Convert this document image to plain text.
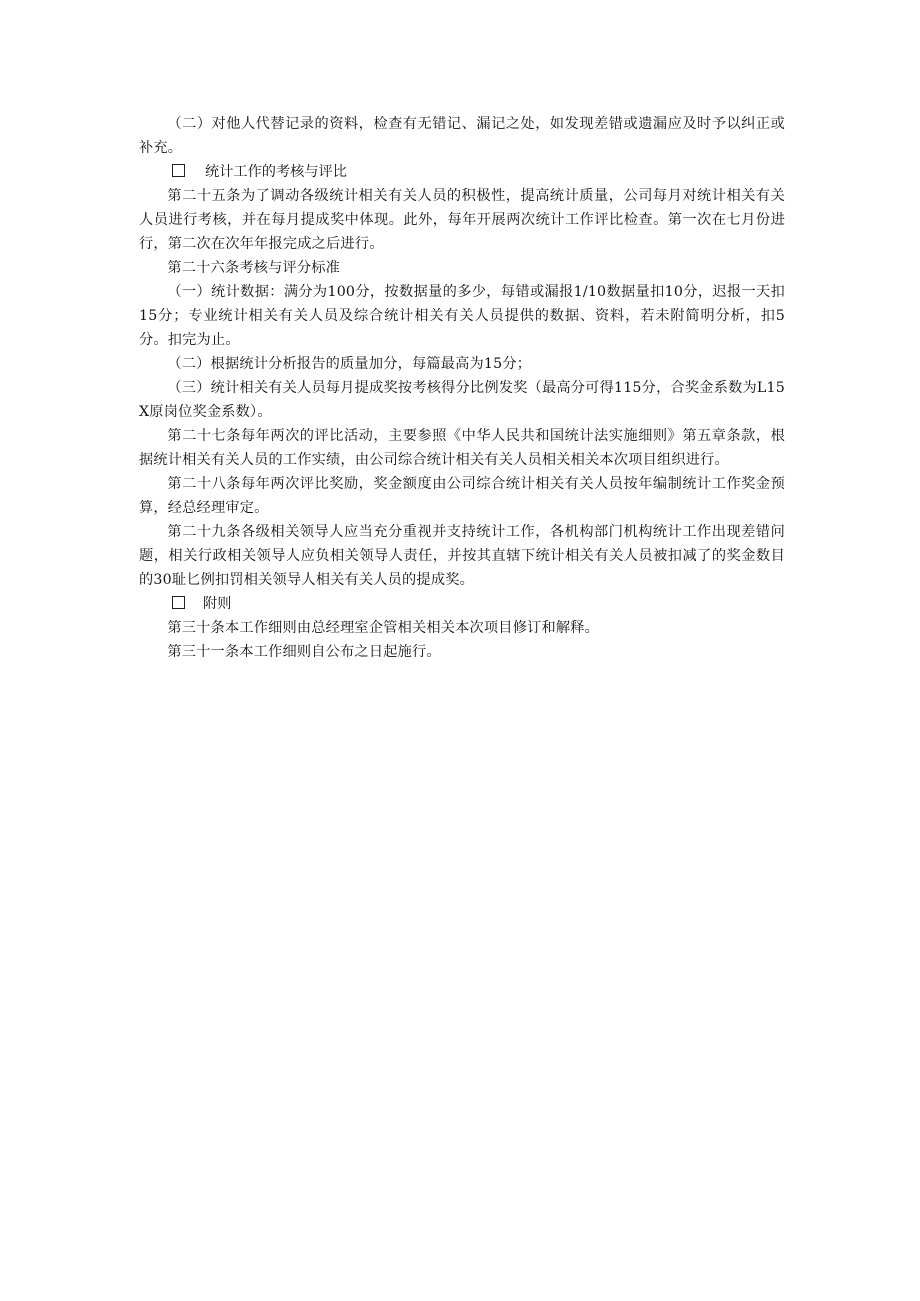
（二）对他人代替记录的资料，检查有无错记、漏记之处，如发现差错或遗漏应及时予以纠正或补充。

统计工作的考核与评比

第二十五条为了调动各级统计相关有关人员的积极性，提高统计质量，公司每月对统计相关有关人员进行考核，并在每月提成奖中体现。此外，每年开展两次统计工作评比检查。第一次在七月份进行，第二次在次年年报完成之后进行。

第二十六条考核与评分标准

（一）统计数据：满分为100分，按数据量的多少，每错或漏报1/10数据量扣10分，迟报一天扣15分；专业统计相关有关人员及综合统计相关有关人员提供的数据、资料，若未附简明分析，扣5分。扣完为止。

（二）根据统计分析报告的质量加分，每篇最高为15分；

（三）统计相关有关人员每月提成奖按考核得分比例发奖（最高分可得115分，合奖金系数为L15X原岗位奖金系数）。

第二十七条每年两次的评比活动，主要参照《中华人民共和国统计法实施细则》第五章条款，根据统计相关有关人员的工作实绩，由公司综合统计相关有关人员相关相关本次项目组织进行。

第二十八条每年两次评比奖励，奖金额度由公司综合统计相关有关人员按年编制统计工作奖金预算，经总经理审定。

第二十九条各级相关领导人应当充分重视并支持统计工作，各机构部门机构统计工作出现差错问题，相关行政相关领导人应负相关领导人责任，并按其直辖下统计相关有关人员被扣减了的奖金数目的30耻匕例扣罚相关领导人相关有关人员的提成奖。

附则

第三十条本工作细则由总经理室企管相关相关本次项目修订和解释。

第三十一条本工作细则自公布之日起施行。
